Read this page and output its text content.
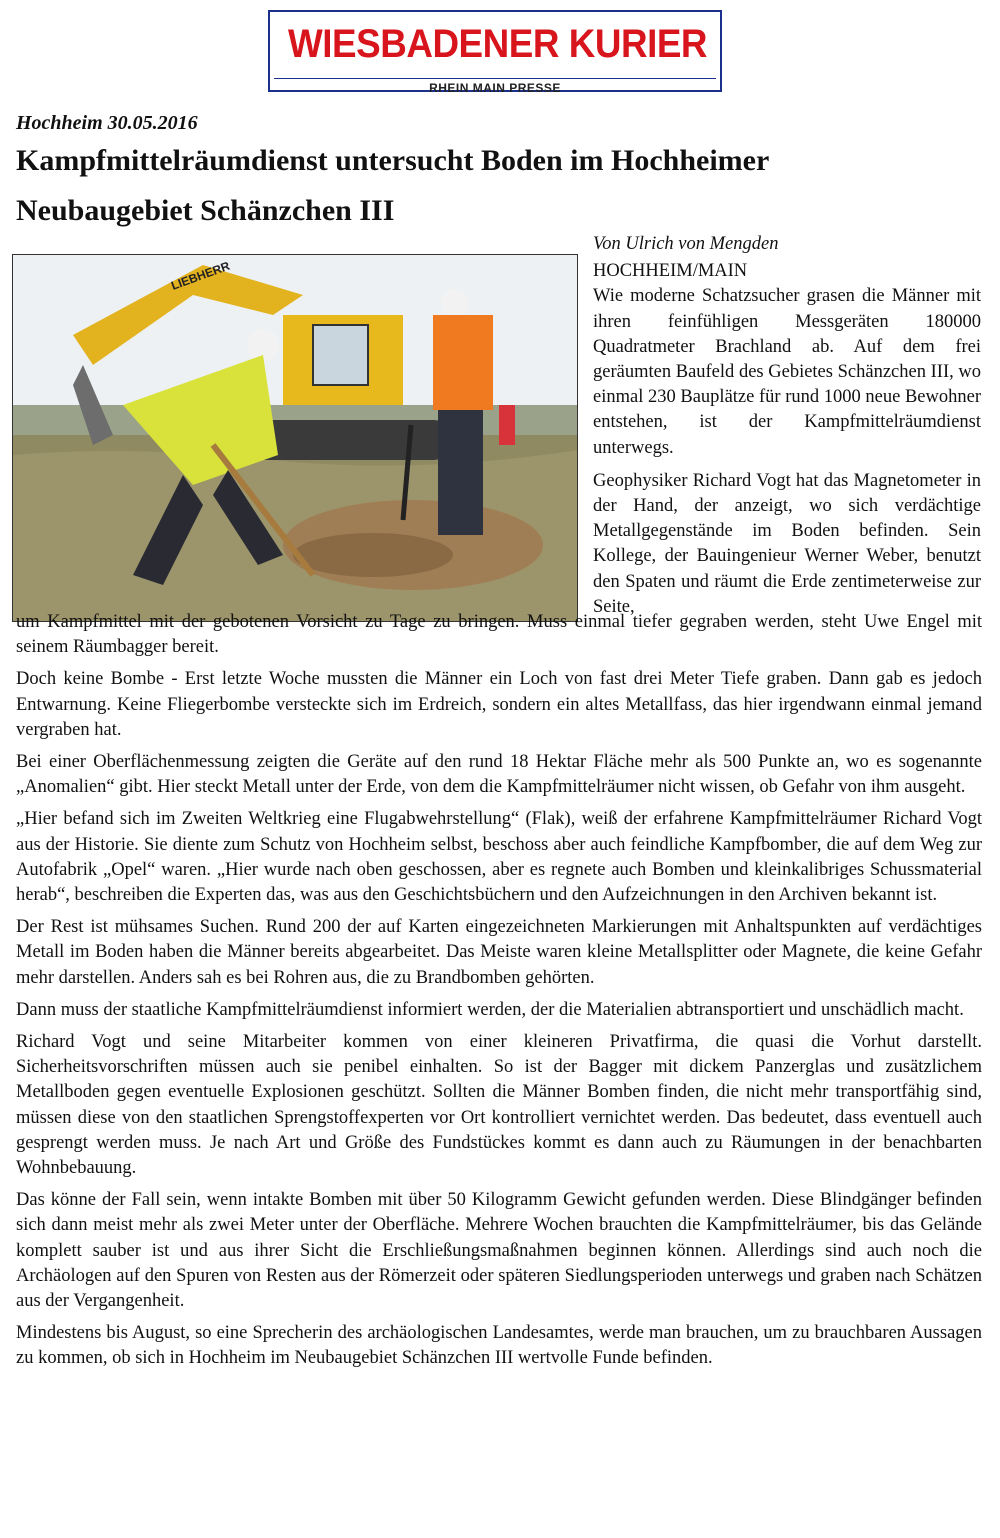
WIESBADENER KURIER
RHEIN MAIN PRESSE
Hochheim 30.05.2016
Kampfmittelräumdienst untersucht Boden im Hochheimer
Neubaugebiet Schänzchen III
LIEBHERR

Von Ulrich von Mengden

HOCHHEIM/MAIN

Wie moderne Schatzsucher grasen die Männer mit ihren feinfühligen Messgeräten 180000 Quadratmeter Brachland ab. Auf dem frei geräumten Baufeld des Gebietes Schänzchen III, wo einmal 230 Bauplätze für rund 1000 neue Bewohner entstehen, ist der Kampfmittelräumdienst unterwegs.

Geophysiker Richard Vogt hat das Magnetometer in der Hand, der anzeigt, wo sich verdächtige Metallgegenstände im Boden befinden. Sein Kollege, der Bauingenieur Werner Weber, benutzt den Spaten und räumt die Erde zentimeterweise zur Seite,

um Kampfmittel mit der gebotenen Vorsicht zu Tage zu bringen. Muss einmal tiefer gegraben werden, steht Uwe Engel mit seinem Räumbagger bereit.

Doch keine Bombe - Erst letzte Woche mussten die Männer ein Loch von fast drei Meter Tiefe graben. Dann gab es jedoch Entwarnung. Keine Fliegerbombe versteckte sich im Erdreich, sondern ein altes Metallfass, das hier irgendwann einmal jemand vergraben hat.

Bei einer Oberflächenmessung zeigten die Geräte auf den rund 18 Hektar Fläche mehr als 500 Punkte an, wo es sogenannte „Anomalien“ gibt. Hier steckt Metall unter der Erde, von dem die Kampfmittelräumer nicht wissen, ob Gefahr von ihm ausgeht.

„Hier befand sich im Zweiten Weltkrieg eine Flugabwehrstellung“ (Flak), weiß der erfahrene Kampfmittelräumer Richard Vogt aus der Historie. Sie diente zum Schutz von Hochheim selbst, beschoss aber auch feindliche Kampfbomber, die auf dem Weg zur Autofabrik „Opel“ waren. „Hier wurde nach oben geschossen, aber es regnete auch Bomben und kleinkalibriges Schussmaterial herab“, beschreiben die Experten das, was aus den Geschichtsbüchern und den Aufzeichnungen in den Archiven bekannt ist.

Der Rest ist mühsames Suchen. Rund 200 der auf Karten eingezeichneten Markierungen mit Anhaltspunkten auf verdächtiges Metall im Boden haben die Männer bereits abgearbeitet. Das Meiste waren kleine Metallsplitter oder Magnete, die keine Gefahr mehr darstellen. Anders sah es bei Rohren aus, die zu Brandbomben gehörten.

Dann muss der staatliche Kampfmittelräumdienst informiert werden, der die Materialien abtransportiert und unschädlich macht.

Richard Vogt und seine Mitarbeiter kommen von einer kleineren Privatfirma, die quasi die Vorhut darstellt. Sicherheitsvorschriften müssen auch sie penibel einhalten. So ist der Bagger mit dickem Panzerglas und zusätzlichem Metallboden gegen eventuelle Explosionen geschützt. Sollten die Männer Bomben finden, die nicht mehr transportfähig sind, müssen diese von den staatlichen Sprengstoffexperten vor Ort kontrolliert vernichtet werden. Das bedeutet, dass eventuell auch gesprengt werden muss. Je nach Art und Größe des Fundstückes kommt es dann auch zu Räumungen in der benachbarten Wohnbebauung.

Das könne der Fall sein, wenn intakte Bomben mit über 50 Kilogramm Gewicht gefunden werden. Diese Blindgänger befinden sich dann meist mehr als zwei Meter unter der Oberfläche. Mehrere Wochen brauchten die Kampfmittelräumer, bis das Gelände komplett sauber ist und aus ihrer Sicht die Erschließungsmaßnahmen beginnen können. Allerdings sind auch noch die Archäologen auf den Spuren von Resten aus der Römerzeit oder späteren Siedlungsperioden unterwegs und graben nach Schätzen aus der Vergangenheit.

Mindestens bis August, so eine Sprecherin des archäologischen Landesamtes, werde man brauchen, um zu brauchbaren Aussagen zu kommen, ob sich in Hochheim im Neubaugebiet Schänzchen III wertvolle Funde befinden.
